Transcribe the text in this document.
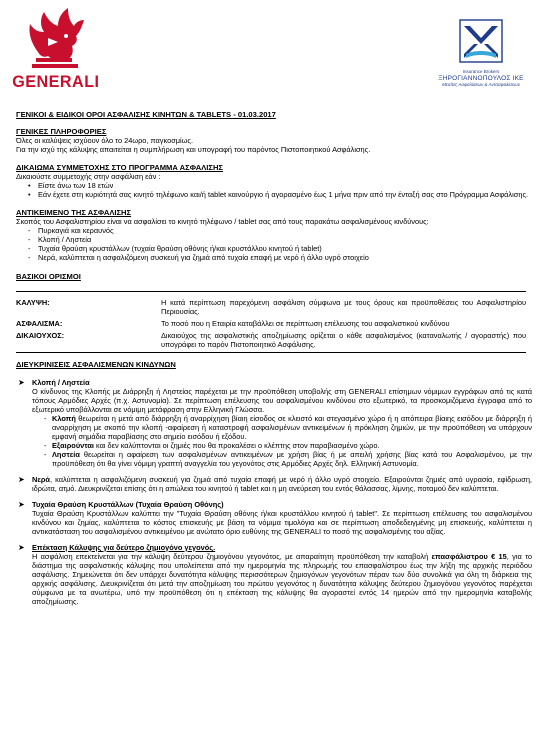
GENERALI
Insurance Brokers
ΞΗΡΟΓΙΑΝΝΟΠΟΥΛΟΣ ΙΚΕ
Μεσίτες Ασφαλίσεων & Αντασφαλίσεων
ΓΕΝΙΚΟΙ & ΕΙΔΙΚΟΙ ΟΡΟΙ ΑΣΦΑΛΙΣΗΣ ΚΙΝΗΤΩΝ & TABLETS - 01.03.2017
ΓΕΝΙΚΕΣ ΠΛΗΡΟΦΟΡΙΕΣ

Όλες οι καλύψεις ισχύουν όλο το 24ωρο, παγκοσμίως.

Για την ισχύ της κάλυψης απαιτείται η συμπλήρωση και υπογραφή του παρόντος Πιστοποιητικού Ασφάλισης.

ΔΙΚΑΙΩΜΑ ΣΥΜΜΕΤΟΧΗΣ ΣΤΟ ΠΡΟΓΡΑΜΜΑ ΑΣΦΑΛΙΣΗΣ

Δικαιούστε συμμετοχής στην ασφάλιση εάν :

• Είστε άνω των 18 ετών
• Εάν έχετε στη κυριότητά σας κινητό τηλέφωνο και/ή tablet καινούργιο ή αγορασμένο έως 1 μήνα πριν από την ένταξή σας στο Πρόγραμμα Ασφάλισης.
ΑΝΤΙΚΕΙΜΕΝΟ ΤΗΣ ΑΣΦΑΛΙΣΗΣ

Σκοπός του Ασφαλιστηρίου είναι να ασφαλίσει το κινητό τηλέφωνο / tablet σας από τους παρακάτω ασφαλισμένους κινδύνους:

- Πυρκαγιά και κεραυνός
- Κλοπή / Ληστεία
- Τυχαία θραύση κρυστάλλων (τυχαία θραύση οθόνης ή/και κρυστάλλου κινητού ή tablet)
- Νερά, καλύπτεται η ασφαλιζόμενη συσκευή για ζημιά από τυχαία επαφή με νερό ή άλλο υγρό στοιχείο
ΒΑΣΙΚΟΙ ΟΡΙΣΜΟΙ
ΚΑΛΥΨΗ:	Η κατά περίπτωση παρεχόμενη ασφάλιση σύμφωνα με τους όρους και προϋποθέσεις του Ασφαλιστηρίου Περιουσίας.
ΑΣΦΑΛΙΣΜΑ:	Το ποσό που η Εταιρία καταβάλλει σε περίπτωση επέλευσης του ασφαλιστικού κινδύνου
ΔΙΚΑΙΟΥΧΟΣ:	Δικαιούχος της ασφαλιστικής αποζημίωσης ορίζεται ο κάθε ασφαλισμένος (καταναλωτής / αγοραστής) που υπογράφει το παρόν Πιστοποιητικό Ασφάλισης.
ΔΙΕΥΚΡΙΝΙΣΕΙΣ ΑΣΦΑΛΙΣΜΕΝΩΝ ΚΙΝΔΥΝΩΝ
➤ Κλοπή / Ληστεία
Ο κίνδυνος της Κλοπής με Διάρρηξη ή Ληστείας παρέχεται με την προϋπόθεση υποβολής στη GENERALI επίσημων νόμιμων εγγράφων από τις κατά τόπους Αρμόδιες Αρχές (π.χ. Αστυνομία). Σε περίπτωση επέλευσης του ασφαλισμένου κινδύνου στο εξωτερικό, τα προσκομιζόμενα έγγραφα από το εξωτερικό υποβάλλονται σε νόμιμη μετάφραση στην Ελληνική Γλώσσα.
- Κλοπή θεωρείται η μετά από διάρρηξη ή αναρρίχηση βίαιη είσοδος σε κλειστό και στεγασμένο χώρο ή η απόπειρα βίαιης εισόδου με διάρρηξη ή αναρρίχηση με σκοπό την κλοπή -αφαίρεση ή καταστροφή ασφαλισμένων αντικειμένων ή πρόκληση ζημιών, με την προϋπόθεση να υπάρχουν εμφανή σημάδια παραβίασης στο σημείο εισόδου ή εξόδου.
- Εξαιρούνται και δεν καλύπτονται οι ζημιές που θα προκαλέσει ο κλέπτης στον παραβιασμένο χώρο.
- Ληστεία θεωρείται η αφαίρεση των ασφαλισμένων αντικειμένων με χρήση βίας ή με απειλή χρήσης βίας κατά του Ασφαλισμένου, με την προϋπόθεση ότι θα γίνει νόμιμη γραπτή αναγγελία του γεγονότος στις Αρμόδιες Αρχές δηλ. Ελληνική Αστυνομία.
➤ Νερά, καλύπτεται η ασφαλιζόμενη συσκευή για ζημιά από τυχαία επαφή με νερό ή άλλο υγρό στοιχείο. Εξαιρούνται ζημιές από υγρασία, εφίδρωση, ιδρώτα, ατμό. Διευκρινίζεται επίσης ότι η απώλεια του κινητού ή tablet και η μη ανεύρεση του εντός θάλασσας, λίμνης, ποταμού δεν καλύπτεται.
➤ Τυχαία Θραύση Κρυστάλλων (Τυχαία Θραύση Οθόνης)
Τυχαία Θραύση Κρυστάλλων καλύπτει την "Τυχαία Θραύση οθόνης ή/και κρυστάλλου κινητού ή tablet". Σε περίπτωση επέλευσης του ασφαλισμένου κινδύνου και ζημίας, καλύπτεται το κόστος επισκευής με βάση τα νόμιμα τιμολόγια και σε περίπτωση αποδεδειγμένης μη επισκευής, καλύπτεται η αντικατάσταση του ασφαλισμένου αντικειμένου με ανώτατο όριο ευθύνης της GENERALI το ποσό της ασφαλισμένης του αξίας.
➤ Επέκταση Κάλυψης για δεύτερο ζημιογόνο γεγονός.
Η ασφάλιση επεκτείνεται για την κάλυψη δεύτερου ζημιογόνου γεγονότος, με απαραίτητη προϋπόθεση την καταβολή επασφάλιστρου € 15, για το διάστημα της ασφαλιστικής κάλυψης που υπολείπεται από την ημερομηνία της πληρωμής του επασφαλίστρου έως την λήξη της αρχικής περιόδου ασφάλισης. Σημειώνεται ότι δεν υπάρχει δυνατότητα κάλυψης περισσότερων ζημιογόνων γεγονότων πέραν των δύο συνολικά για όλη τη διάρκεια της αρχικής ασφάλισης. Διευκρινίζεται ότι μετά την αποζημίωση του πρώτου γεγονότος η δυνατότητα κάλυψης δεύτερου ζημιογόνου γεγονότος παρέχεται σύμφωνα με τα ανωτέρω, υπό την προϋπόθεση ότι η επέκταση της κάλυψης θα αγοραστεί εντός 14 ημερών από την ημερομηνία καταβολής αποζημίωσης.
